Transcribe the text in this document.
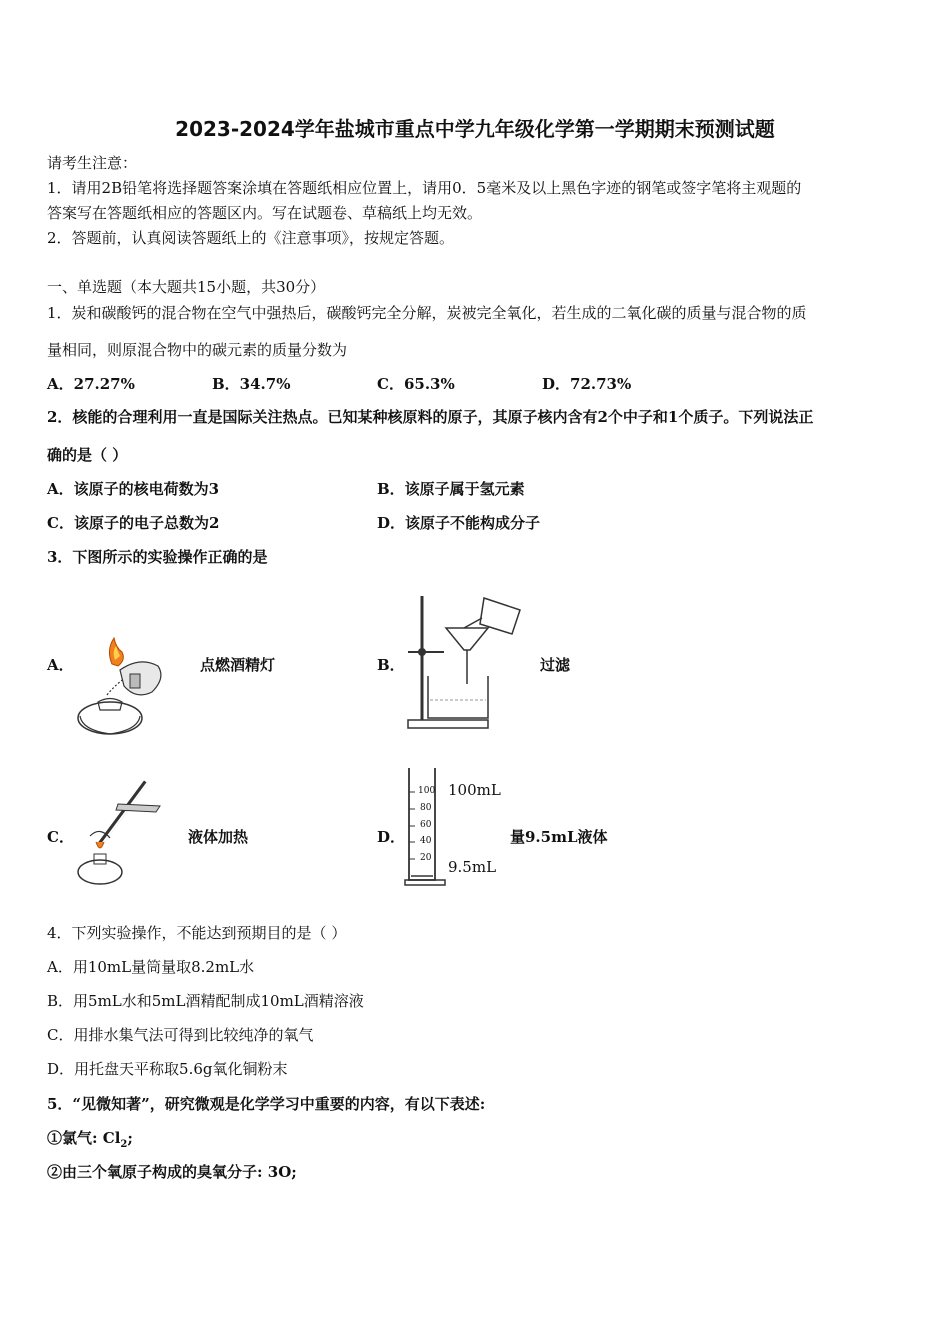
2023-2024学年盐城市重点中学九年级化学第一学期期末预测试题
请考生注意：
1．请用2B铅笔将选择题答案涂填在答题纸相应位置上，请用0．5毫米及以上黑色字迹的钢笔或签字笔将主观题的
答案写在答题纸相应的答题区内。写在试题卷、草稿纸上均无效。
2．答题前，认真阅读答题纸上的《注意事项》，按规定答题。
一、单选题（本大题共15小题，共30分）
1．炭和碳酸钙的混合物在空气中强热后，碳酸钙完全分解，炭被完全氧化，若生成的二氧化碳的质量与混合物的质
量相同，则原混合物中的碳元素的质量分数为
A．27.27%	B．34.7%	C．65.3%	D．72.73%
2．核能的合理利用一直是国际关注热点。已知某种核原料的原子，其原子核内含有2个中子和1个质子。下列说法正
确的是（ ）
A．该原子的核电荷数为3	B．该原子属于氢元素
C．该原子的电子总数为2	D．该原子不能构成分子
3．下图所示的实验操作正确的是
A．	点燃酒精灯	B．	过滤
C．	液体加热	D．
100
80
60
40
20
100mL
9.5mL
量9.5mL液体
4．下列实验操作，不能达到预期目的是（ ）
A．用10mL量筒量取8.2mL水
B．用5mL水和5mL酒精配制成10mL酒精溶液
C．用排水集气法可得到比较纯净的氧气
D．用托盘天平称取5.6g氧化铜粉末
5．“见微知著”，研究微观是化学学习中重要的内容，有以下表述:
①氯气: $Cl_2$;
②由三个氧原子构成的臭氧分子: 3O;
